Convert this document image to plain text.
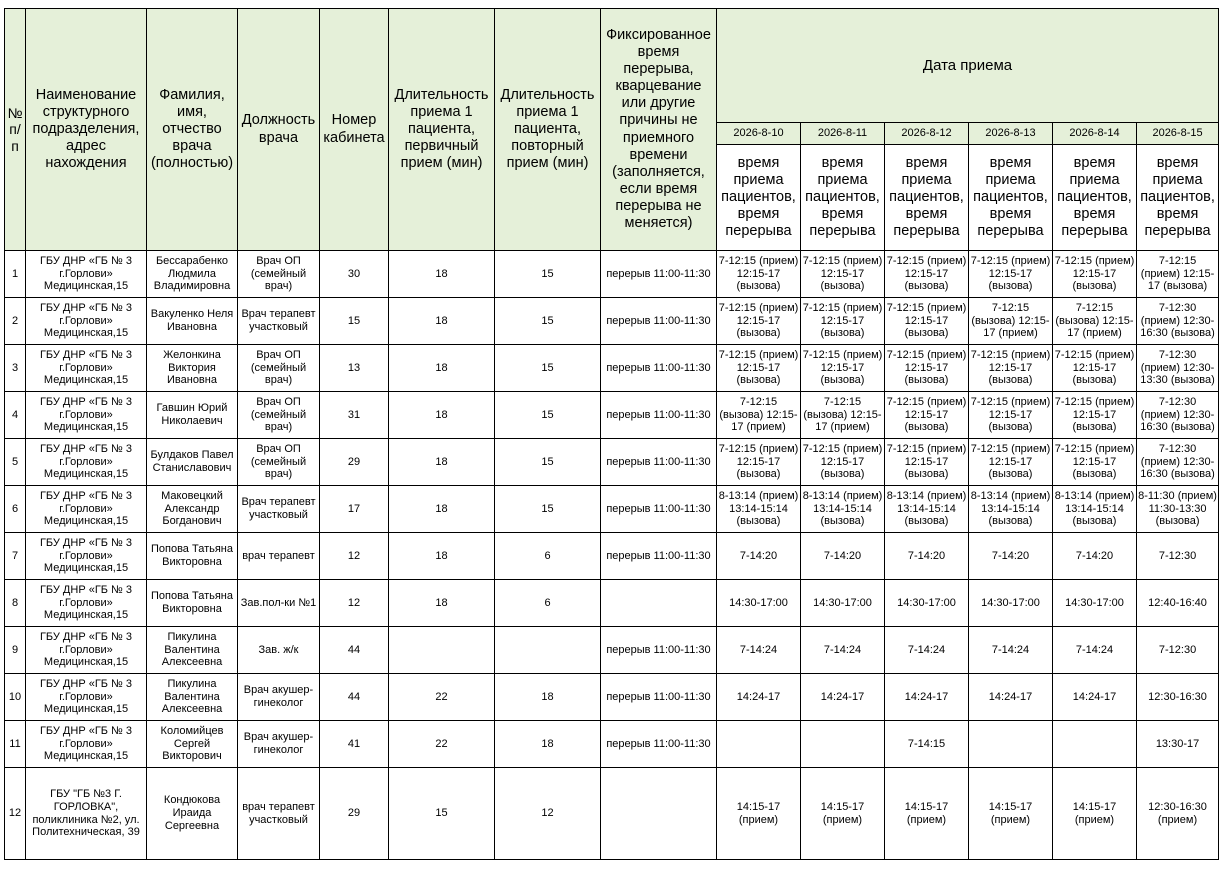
№ п/п	Наименование структурного подразделения, адрес нахождения	Фамилия, имя, отчество врача (полностью)	Должность врача	Номер кабинета	Длительность приема 1 пациента, первичный прием (мин)	Длительность приема 1 пациента, повторный прием (мин)	Фиксированное время перерыва, кварцевание или другие причины не приемного времени (заполняется, если время перерыва не меняется)	Дата приема					
								2026-8-10	2026-8-11	2026-8-12	2026-8-13	2026-8-14	2026-8-15
								время приема пациентов, время перерыва	время приема пациентов, время перерыва	время приема пациентов, время перерыва	время приема пациентов, время перерыва	время приема пациентов, время перерыва	время приема пациентов, время перерыва
1	ГБУ ДНР «ГБ № 3 г.Горлови» Медицинская,15	Бессарабенко Людмила Владимировна	Врач ОП (семейный врач)	30	18	15	перерыв 11:00-11:30	7-12:15 (прием) 12:15-17 (вызова)	7-12:15 (прием) 12:15-17 (вызова)	7-12:15 (прием) 12:15-17 (вызова)	7-12:15 (прием) 12:15-17 (вызова)	7-12:15 (прием) 12:15-17 (вызова)	7-12:15 (прием) 12:15-17 (вызова)
2	ГБУ ДНР «ГБ № 3 г.Горлови» Медицинская,15	Вакуленко Неля Ивановна	Врач терапевт участковый	15	18	15	перерыв 11:00-11:30	7-12:15 (прием) 12:15-17 (вызова)	7-12:15 (прием) 12:15-17 (вызова)	7-12:15 (прием) 12:15-17 (вызова)	7-12:15 (вызова) 12:15-17 (прием)	7-12:15 (вызова) 12:15-17 (прием)	7-12:30 (прием) 12:30-16:30 (вызова)
3	ГБУ ДНР «ГБ № 3 г.Горлови» Медицинская,15	Желонкина Виктория Ивановна	Врач ОП (семейный врач)	13	18	15	перерыв 11:00-11:30	7-12:15 (прием) 12:15-17 (вызова)	7-12:15 (прием) 12:15-17 (вызова)	7-12:15 (прием) 12:15-17 (вызова)	7-12:15 (прием) 12:15-17 (вызова)	7-12:15 (прием) 12:15-17 (вызова)	7-12:30 (прием) 12:30-13:30 (вызова)
4	ГБУ ДНР «ГБ № 3 г.Горлови» Медицинская,15	Гавшин Юрий Николаевич	Врач ОП (семейный врач)	31	18	15	перерыв 11:00-11:30	7-12:15 (вызова) 12:15-17 (прием)	7-12:15 (вызова) 12:15-17 (прием)	7-12:15 (прием) 12:15-17 (вызова)	7-12:15 (прием) 12:15-17 (вызова)	7-12:15 (прием) 12:15-17 (вызова)	7-12:30 (прием) 12:30-16:30 (вызова)
5	ГБУ ДНР «ГБ № 3 г.Горлови» Медицинская,15	Булдаков Павел Станиславович	Врач ОП (семейный врач)	29	18	15	перерыв 11:00-11:30	7-12:15 (прием) 12:15-17 (вызова)	7-12:15 (прием) 12:15-17 (вызова)	7-12:15 (прием) 12:15-17 (вызова)	7-12:15 (прием) 12:15-17 (вызова)	7-12:15 (прием) 12:15-17 (вызова)	7-12:30 (прием) 12:30-16:30 (вызова)
6	ГБУ ДНР «ГБ № 3 г.Горлови» Медицинская,15	Маковецкий Александр Богданович	Врач терапевт участковый	17	18	15	перерыв 11:00-11:30	8-13:14 (прием) 13:14-15:14 (вызова)	8-13:14 (прием) 13:14-15:14 (вызова)	8-13:14 (прием) 13:14-15:14 (вызова)	8-13:14 (прием) 13:14-15:14 (вызова)	8-13:14 (прием) 13:14-15:14 (вызова)	8-11:30 (прием) 11:30-13:30 (вызова)
7	ГБУ ДНР «ГБ № 3 г.Горлови» Медицинская,15	Попова Татьяна Викторовна	врач терапевт	12	18	6	перерыв 11:00-11:30	7-14:20	7-14:20	7-14:20	7-14:20	7-14:20	7-12:30
8	ГБУ ДНР «ГБ № 3 г.Горлови» Медицинская,15	Попова Татьяна Викторовна	Зав.пол-ки №1	12	18	6		14:30-17:00	14:30-17:00	14:30-17:00	14:30-17:00	14:30-17:00	12:40-16:40
9	ГБУ ДНР «ГБ № 3 г.Горлови» Медицинская,15	Пикулина Валентина Алексеевна	Зав. ж/к	44			перерыв 11:00-11:30	7-14:24	7-14:24	7-14:24	7-14:24	7-14:24	7-12:30
10	ГБУ ДНР «ГБ № 3 г.Горлови» Медицинская,15	Пикулина Валентина Алексеевна	Врач акушер-гинеколог	44	22	18	перерыв 11:00-11:30	14:24-17	14:24-17	14:24-17	14:24-17	14:24-17	12:30-16:30
11	ГБУ ДНР «ГБ № 3 г.Горлови» Медицинская,15	Коломийцев Сергей Викторович	Врач акушер-гинеколог	41	22	18	перерыв 11:00-11:30			7-14:15			13:30-17
12	ГБУ "ГБ №3 Г. ГОРЛОВКА", поликлиника №2, ул. Политехническая, 39	Кондюкова Ираида Сергеевна	врач терапевт участковый	29	15	12		14:15-17 (прием)	14:15-17 (прием)	14:15-17 (прием)	14:15-17 (прием)	14:15-17 (прием)	12:30-16:30 (прием)
